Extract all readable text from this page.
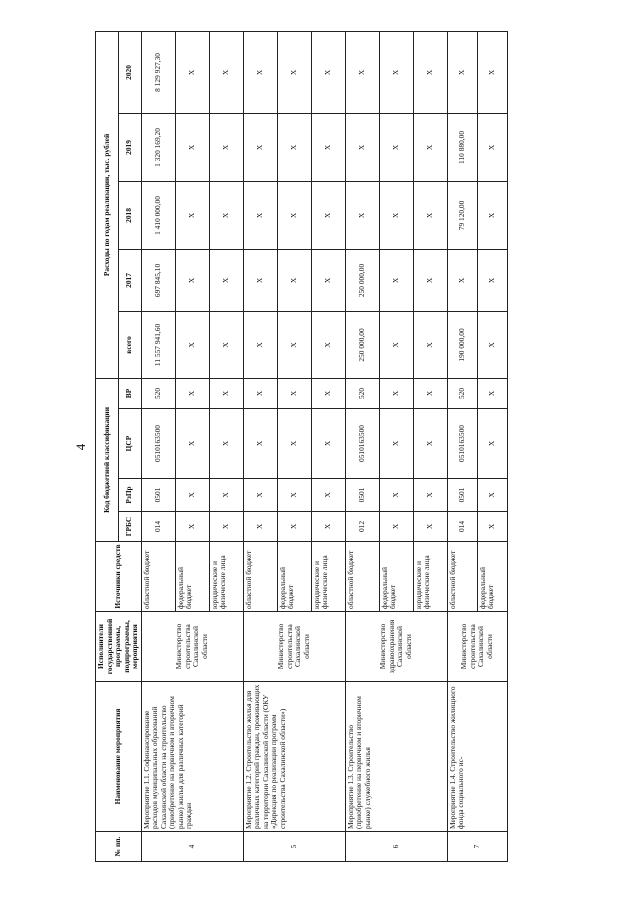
4
№ пп.	Наименование мероприятия	Исполнители государственной программы, подпрограммы, мероприятия	Источники средств	Код бюджетной классификации				Расходы по годам реализации, тыс. рублей				
				ГРБС	РзПр	ЦСР	ВР	всего	2017	2018	2019	2020
4	Мероприятие 1.1. Софинансирование расходов муниципальных образований Сахалинской области на строительство (приобретение на первичном и вторичном рынке) жилья для различных категорий граждан	Министерство строительства Сахалинской области	областной бюджет	014	0501	0510163500	520	11 557 941,60	697 845,10	1 410 000,00	1 320 169,20	8 129 927,30
			федеральный бюджет	X	X	X	X	X	X	X	X	X
			юридические и физические лица	X	X	X	X	X	X	X	X	X
5	Мероприятие 1.2. Строительство жилья для различных категорий граждан, проживающих на территории Сахалинской области (ОКУ «Дирекция по реализации программ строительства Сахалинской области»)	Министерство строительства Сахалинской области	областной бюджет	X	X	X	X	X	X	X	X	X
			федеральный бюджет	X	X	X	X	X	X	X	X	X
			юридические и физические лица	X	X	X	X	X	X	X	X	X
6	Мероприятие 1.3. Строительство (приобретение на первичном и вторичном рынке) служебного жилья	Министерство здравоохранения Сахалинской области	областной бюджет	012	0501	0510163500	520	250 000,00	250 000,00	X	X	X
			федеральный бюджет	X	X	X	X	X	X	X	X	X
			юридические и физические лица	X	X	X	X	X	X	X	X	X
7	Мероприятие 1.4. Строительство жилищного фонда социального ис-	Министерство строительства Сахалинской области	областной бюджет	014	0501	0510163500	520	190 000,00	X	79 120,00	110 880,00	X
			федеральный бюджет	X	X	X	X	X	X	X	X	X
